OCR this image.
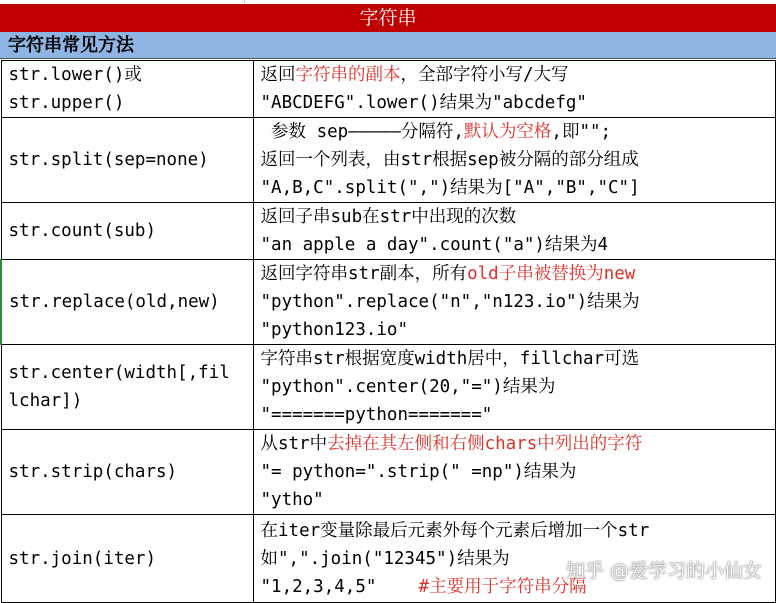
字符串
字符串常见方法
str.lower()或
str.upper()	返回字符串的副本，全部字符小写/大写
"ABCDEFG".lower()结果为"abcdefg"

str.split(sep=none)	参数 sep—————分隔符,默认为空格,即"";
返回一个列表，由str根据sep被分隔的部分组成
"A,B,C".split(",")结果为["A","B","C"]

str.count(sub)	返回子串sub在str中出现的次数
"an apple a day".count("a")结果为4

str.replace(old,new)	返回字符串str副本，所有old子串被替换为new
"python".replace("n","n123.io")结果为
"python123.io"

str.center(width[,fil
lchar])	字符串str根据宽度width居中，fillchar可选
"python".center(20,"=")结果为
"=======python======="

str.strip(chars)	从str中去掉在其左侧和右侧chars中列出的字符
"= python=".strip(" =np")结果为
"ytho"

str.join(iter)	在iter变量除最后元素外每个元素后增加一个str
如",".join("12345")结果为
"1,2,3,4,5"    #主要用于字符串分隔
知乎 @爱学习的小仙女
